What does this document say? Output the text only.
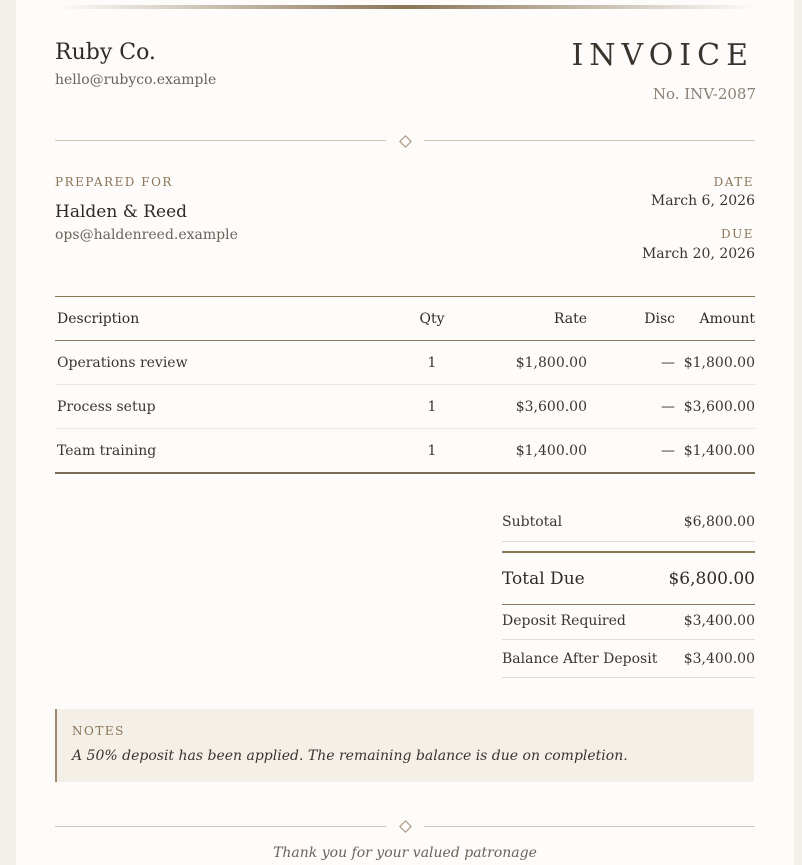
Ruby Co.
hello@rubyco.example
INVOICE
No. INV-2087
PREPARED FOR
Halden & Reed
ops@haldenreed.example
DATE
March 6, 2026
DUE
March 20, 2026
Description	Qty	Rate	Disc	Amount
Operations review	1	$1,800.00	—	$1,800.00
Process setup	1	$3,600.00	—	$3,600.00
Team training	1	$1,400.00	—	$1,400.00
Subtotal	$6,800.00
Total Due	$6,800.00
Deposit Required	$3,400.00
Balance After Deposit $3,400.00
NOTES
A 50% deposit has been applied. The remaining balance is due on completion.
Thank you for your valued patronage
